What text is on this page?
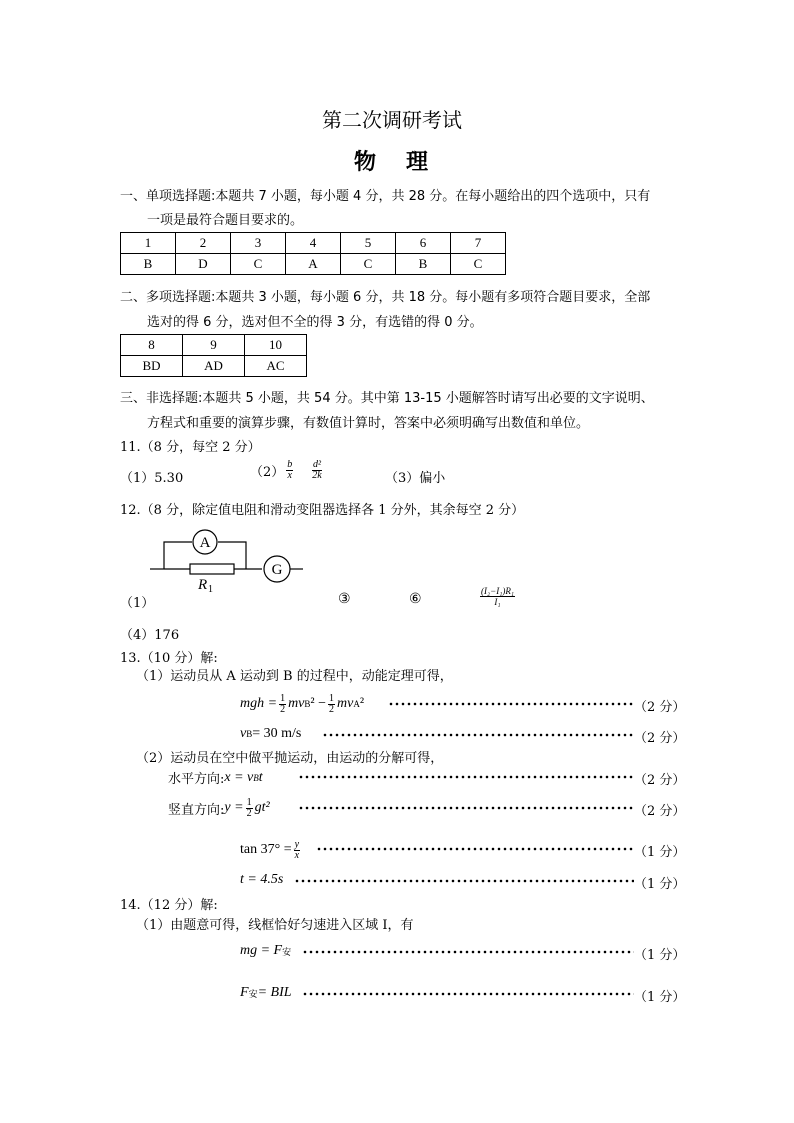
第二次调研考试
物　理
一、单项选择题:本题共 7 小题，每小题 4 分，共 28 分。在每小题给出的四个选项中，只有
一项是最符合题目要求的。
1	2	3	4	5	6	7
B	D	C	A	C	B	C
二、多项选择题:本题共 3 小题，每小题 6 分，共 18 分。每小题有多项符合题目要求，全部
选对的得 6 分，选对但不全的得 3 分，有选错的得 0 分。
8	9	10
BD	AD	AC
三、非选择题:本题共 5 小题，共 54 分。其中第 13-15 小题解答时请写出必要的文字说明、
方程式和重要的演算步骤，有数值计算时，答案中必须明确写出数值和单位。
11.（8 分，每空 2 分）
（1）5.30	$(2) \frac{b}{x} \frac{\text{d²}}{2k}$	（3）偏小
12.（8 分，除定值电阻和滑动变阻器选择各 1 分外，其余每空 2 分）
A
G
R 1
（1）	③	⑥	$\frac{\text{(I₂−I₁)R₁}}{\text{I₁}}$
（4）176
13.（10 分）解:
（1）运动员从 A 运动到 B 的过程中，动能定理可得，
mgh = $\frac{1}{2}$ mv B $^2 - \frac{1}{2}$ mv A ²	（2 分）
v B = 30 m/s	（2 分）
（2）运动员在空中做平抛运动，由运动的分解可得，
水平方向: x = v B t	（2 分）
竖直方向: $y = \frac{1}{2} gt^2$	（2 分）
$\tan 37^\circ = \frac{y}{x}$	（1 分）
t = 4.5s	（1 分）
14.（12 分）解:
（1）由题意可得，线框恰好匀速进入区域 I，有
mg = F 安	（1 分）
F 安 = BIL	（1 分）
